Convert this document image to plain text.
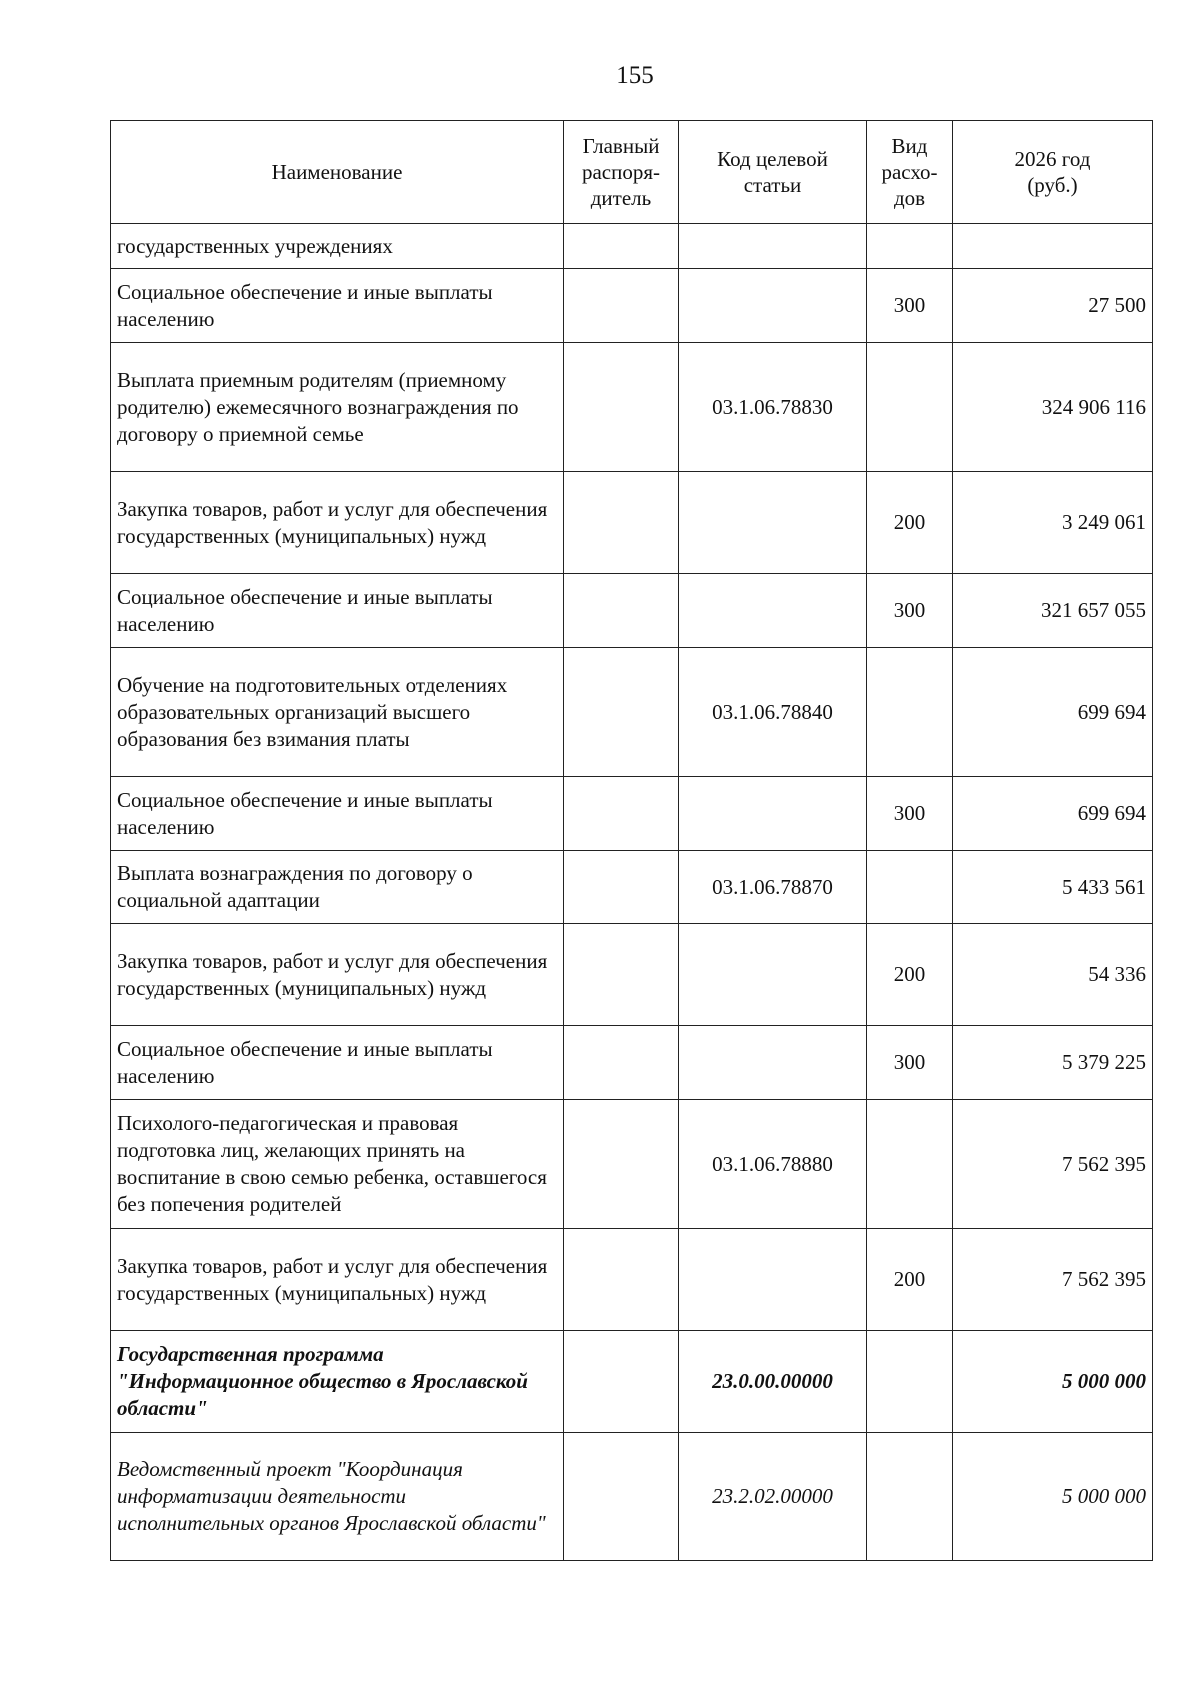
155
Наименование	Главный распоря-дитель	Код целевой статьи	Вид расхо-дов	2026 год (руб.)
государственных учреждениях				
Социальное обеспечение и иные выплаты населению			300	27 500
Выплата приемным родителям (приемному родителю) ежемесячного вознаграждения по договору о приемной семье		03.1.06.78830		324 906 116
Закупка товаров, работ и услуг для обеспечения государственных (муниципальных) нужд			200	3 249 061
Социальное обеспечение и иные выплаты населению			300	321 657 055
Обучение на подготовительных отделениях образовательных организаций высшего образования без взимания платы		03.1.06.78840		699 694
Социальное обеспечение и иные выплаты населению			300	699 694
Выплата вознаграждения по договору о социальной адаптации		03.1.06.78870		5 433 561
Закупка товаров, работ и услуг для обеспечения государственных (муниципальных) нужд			200	54 336
Социальное обеспечение и иные выплаты населению			300	5 379 225
Психолого-педагогическая и правовая подготовка лиц, желающих принять на воспитание в свою семью ребенка, оставшегося без попечения родителей		03.1.06.78880		7 562 395
Закупка товаров, работ и услуг для обеспечения государственных (муниципальных) нужд			200	7 562 395
Государственная программа "Информационное общество в Ярославской области"		23.0.00.00000		5 000 000
Ведомственный проект "Координация информатизации деятельности исполнительных органов Ярославской области"		23.2.02.00000		5 000 000
